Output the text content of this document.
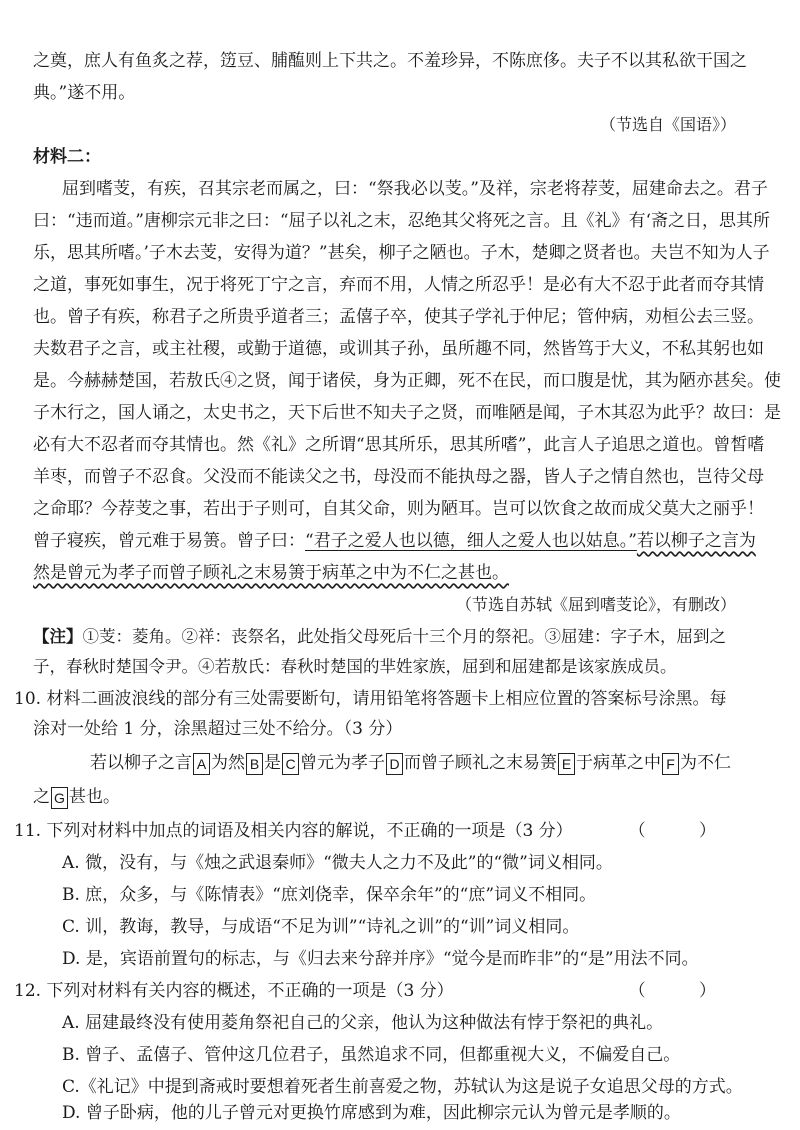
之奠，庶人有鱼炙之荐，笾豆、脯醢则上下共之。不羞珍异，不陈庶侈。夫子不以其私欲干国之
典。”遂不用。
（节选自《国语》）
材料二：
屈到嗜芰，有疾，召其宗老而属之，曰：“祭我必以芰。”及祥，宗老将荐芰，屈建命去之。君子
曰：“违而道。”唐柳宗元非之曰：“屈子以礼之末，忍绝其父将死之言。且《礼》有‘斋之日，思其所
乐，思其所嗜。’子木去芰，安得为道？”甚矣，柳子之陋也。子木，楚卿之贤者也。夫岂不知为人子
之道，事死如事生，况于将死丁宁之言，弃而不用，人情之所忍乎！是必有大不忍于此者而夺其情
也。曾子有疾，称君子之所贵乎道者三；孟僖子卒，使其子学礼于仲尼；管仲病，劝桓公去三竖。
夫数君子之言，或主社稷，或勤于道德，或训其子孙，虽所趣不同，然皆笃于大义，不私其躬也如
是。今赫赫楚国，若敖氏④之贤，闻于诸侯，身为正卿，死不在民，而口腹是忧，其为陋亦甚矣。使
子木行之，国人诵之，太史书之，天下后世不知夫子之贤，而唯陋是闻，子木其忍为此乎？故曰：是
必有大不忍者而夺其情也。然《礼》之所谓“思其所乐，思其所嗜”，此言人子追思之道也。曾皙嗜
羊枣，而曾子不忍食。父没而不能读父之书，母没而不能执母之器，皆人子之情自然也，岂待父母
之命耶？今荐芰之事，若出于子则可，自其父命，则为陋耳。岂可以饮食之故而成父莫大之丽乎！
曾子寝疾，曾元难于易箦。曾子曰：“君子之爱人也以德，细人之爱人也以姑息。”若以柳子之言为
然是曾元为孝子而曾子顾礼之末易箦于病革之中为不仁之甚也。
（节选自苏轼《屈到嗜芰论》，有删改）
【注】①芰：菱角。②祥：丧祭名，此处指父母死后十三个月的祭祀。③屈建：字子木，屈到之
子，春秋时楚国令尹。④若敖氏：春秋时楚国的芈姓家族，屈到和屈建都是该家族成员。
10. 材料二画波浪线的部分有三处需要断句，请用铅笔将答题卡上相应位置的答案标号涂黑。每
涂对一处给 1 分，涂黑超过三处不给分。（3 分）
若以柳子之言 A 为然 B 是 C 曾元为孝子 D 而曾子顾礼之末易箦 E 于病革之中 F 为不仁
之 G 甚也。
11. 下列对材料中加点的词语及相关内容的解说，不正确的一项是（3 分）	（ ）
A. 微，没有，与《烛之武退秦师》“微夫人之力不及此”的“微”词义相同。
B. 庶，众多，与《陈情表》“庶刘侥幸，保卒余年”的“庶”词义不相同。
C. 训，教诲，教导，与成语“不足为训”“诗礼之训”的“训”词义相同。
D. 是，宾语前置句的标志，与《归去来兮辞并序》“觉今是而昨非”的“是”用法不同。
12. 下列对材料有关内容的概述，不正确的一项是（3 分）	（ ）
A. 屈建最终没有使用菱角祭祀自己的父亲，他认为这种做法有悖于祭祀的典礼。
B. 曾子、孟僖子、管仲这几位君子，虽然追求不同，但都重视大义，不偏爱自己。
C.《礼记》中提到斋戒时要想着死者生前喜爱之物，苏轼认为这是说子女追思父母的方式。
D. 曾子卧病，他的儿子曾元对更换竹席感到为难，因此柳宗元认为曾元是孝顺的。
